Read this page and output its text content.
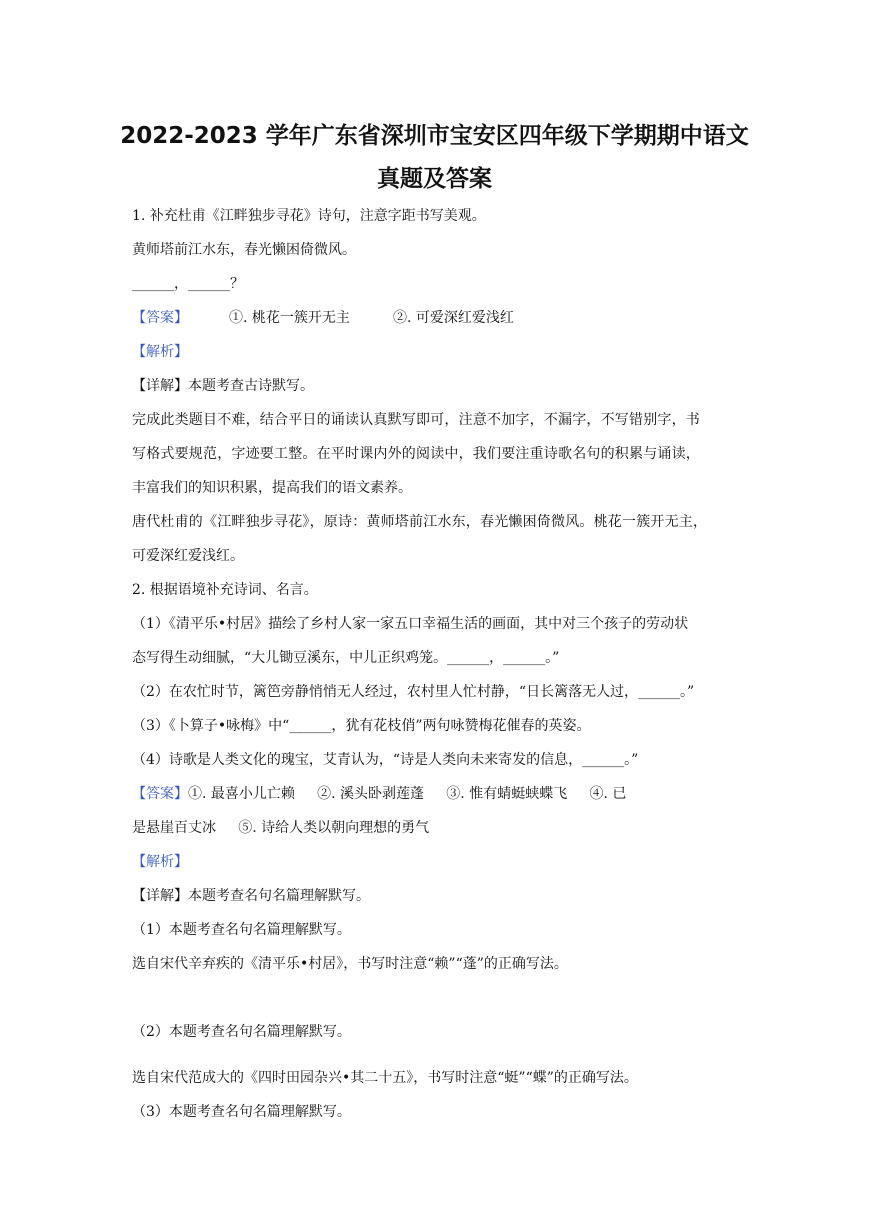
2022-2023 学年广东省深圳市宝安区四年级下学期期中语文
真题及答案
1. 补充杜甫《江畔独步寻花》诗句，注意字距书写美观。
黄师塔前江水东，春光懒困倚微风。
______，______？
【答案】	①. 桃花一簇开无主	②. 可爱深红爱浅红
【解析】
【详解】本题考查古诗默写。
完成此类题目不难，结合平日的诵读认真默写即可，注意不加字，不漏字，不写错别字，书
写格式要规范，字迹要工整。在平时课内外的阅读中，我们要注重诗歌名句的积累与诵读，
丰富我们的知识积累，提高我们的语文素养。
唐代杜甫的《江畔独步寻花》，原诗：黄师塔前江水东，春光懒困倚微风。桃花一簇开无主，
可爱深红爱浅红。
2. 根据语境补充诗词、名言。
（1）《清平乐•村居》描绘了乡村人家一家五口幸福生活的画面，其中对三个孩子的劳动状
态写得生动细腻，“大儿锄豆溪东，中儿正织鸡笼。______，______。”
（2）在农忙时节，篱笆旁静悄悄无人经过，农村里人忙村静，“日长篱落无人过，______。”
（3）《卜算子•咏梅》中“______，犹有花枝俏”两句咏赞梅花催春的英姿。
（4）诗歌是人类文化的瑰宝，艾青认为，“诗是人类向未来寄发的信息，______。”
【答案】①. 最喜小儿亡赖     ②. 溪头卧剥莲蓬     ③. 惟有蜻蜓蛱蝶飞     ④. 已
是悬崖百丈冰     ⑤. 诗给人类以朝向理想的勇气
【解析】
【详解】本题考查名句名篇理解默写。
（1）本题考查名句名篇理解默写。
选自宋代辛弃疾的《清平乐•村居》，书写时注意“赖”“蓬”的正确写法。
（2）本题考查名句名篇理解默写。
选自宋代范成大的《四时田园杂兴•其二十五》，书写时注意“蜓”“蝶”的正确写法。
（3）本题考查名句名篇理解默写。
